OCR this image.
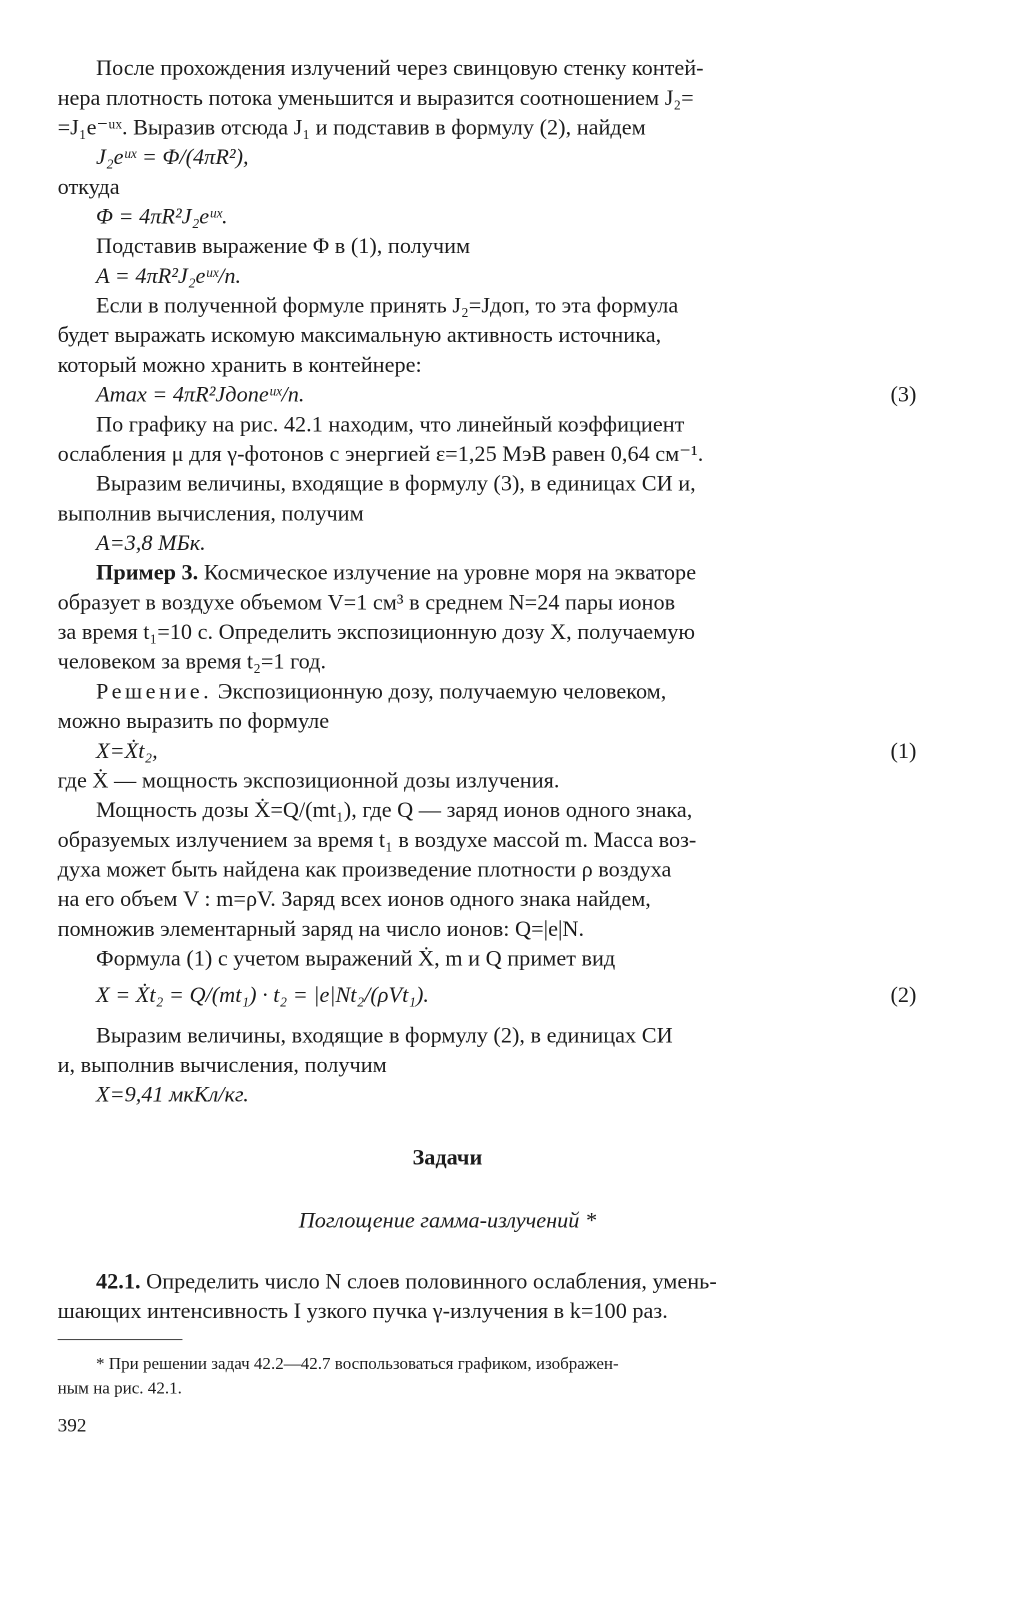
После прохождения излучений через свинцовую стенку контей-
нера плотность потока уменьшится и выразится соотношением J₂=
=J₁e⁻ᵘˣ. Выразив отсюда J₁ и подставив в формулу (2), найдем
J₂eᵘˣ = Φ/(4πR²),
откуда
Φ = 4πR²J₂eᵘˣ.
Подставив выражение Φ в (1), получим
A = 4πR²J₂eᵘˣ/n.
Если в полученной формуле принять J₂=Jдоп, то эта формула
будет выражать искомую максимальную активность источника,
который можно хранить в контейнере:
Amax = 4πR²Jдопeᵘˣ/n.	(3)
По графику на рис. 42.1 находим, что линейный коэффициент
ослабления μ для γ-фотонов с энергией ε=1,25 МэВ равен 0,64 см⁻¹.
Выразим величины, входящие в формулу (3), в единицах СИ и,
выполнив вычисления, получим
A=3,8 МБк.
Пример 3. Космическое излучение на уровне моря на экваторе
образует в воздухе объемом V=1 см³ в среднем N=24 пары ионов
за время t₁=10 с. Определить экспозиционную дозу X, получаемую
человеком за время t₂=1 год.
Решение. Экспозиционную дозу, получаемую человеком,
можно выразить по формуле
X=Ẋt₂,	(1)
где Ẋ — мощность экспозиционной дозы излучения.
Мощность дозы Ẋ=Q/(mt₁), где Q — заряд ионов одного знака,
образуемых излучением за время t₁ в воздухе массой m. Масса воз-
духа может быть найдена как произведение плотности ρ воздуха
на его объем V : m=ρV. Заряд всех ионов одного знака найдем,
помножив элементарный заряд на число ионов: Q=|e|N.
Формула (1) с учетом выражений Ẋ, m и Q примет вид
X = Ẋt₂ = Q/(mt₁) · t₂ = |e|Nt₂/(ρVt₁).	(2)
Выразим величины, входящие в формулу (2), в единицах СИ
и, выполнив вычисления, получим
X=9,41 мкКл/кг.
Задачи
Поглощение гамма-излучений *
42.1. Определить число N слоев половинного ослабления, умень-
шающих интенсивность I узкого пучка γ-излучения в k=100 раз.
* При решении задач 42.2—42.7 воспользоваться графиком, изображен-
ным на рис. 42.1.
392
